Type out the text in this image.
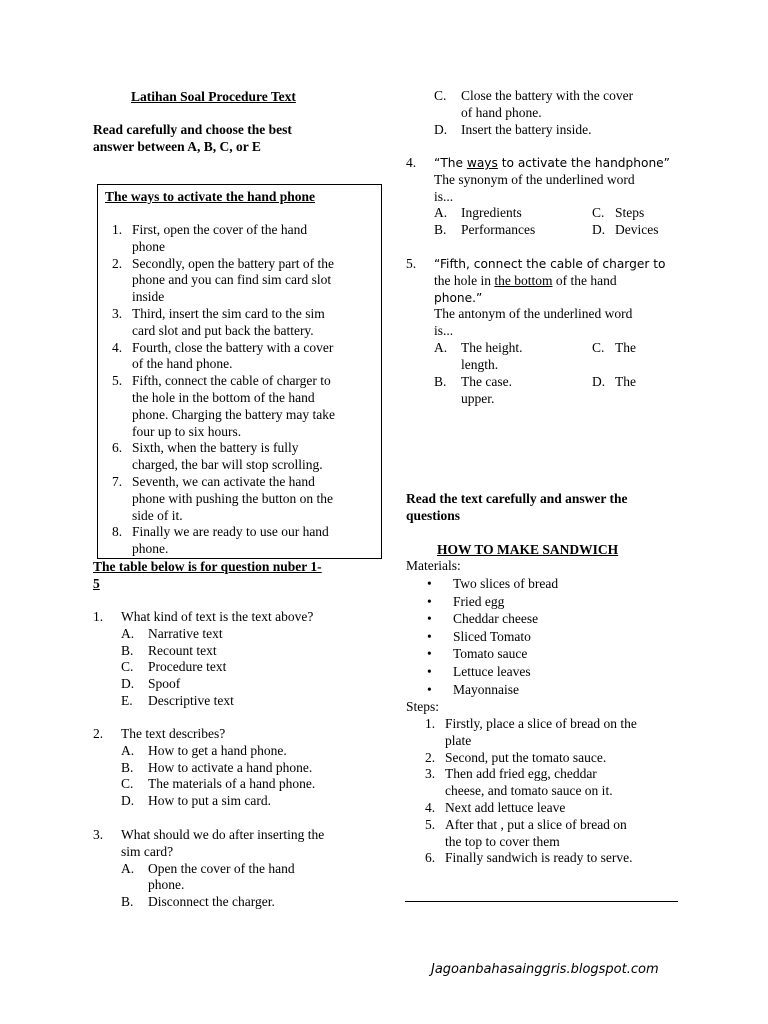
Latihan Soal Procedure Text
Read carefully and choose the best
answer between A, B, C, or E
The ways to activate the hand phone
1. First, open the cover of the hand
phone
2. Secondly, open the battery part of the
phone and you can find sim card slot
inside
3. Third, insert the sim card to the sim
card slot and put back the battery.
4. Fourth, close the battery with a cover
of the hand phone.
5. Fifth, connect the cable of charger to
the hole in the bottom of the hand
phone. Charging the battery may take
four up to six hours.
6. Sixth, when the battery is fully
charged, the bar will stop scrolling.
7. Seventh, we can activate the hand
phone with pushing the button on the
side of it.
8. Finally we are ready to use our hand
phone.
The table below is for question nuber 1-
5
1. What kind of text is the text above?
A. Narrative text
B. Recount text
C. Procedure text
D. Spoof
E. Descriptive text
2. The text describes?
A. How to get a hand phone.
B. How to activate a hand phone.
C. The materials of a hand phone.
D. How to put a sim card.
3. What should we do after inserting the
sim card?
A. Open the cover of the hand
phone.
B. Disconnect the charger.
C. Close the battery with the cover
of hand phone.
D. Insert the battery inside.
4. “The ways to activate the handphone”
The synonym of the underlined word
is...
A. Ingredients	C. Steps
B. Performances	D. Devices
5. “Fifth, connect the cable of charger to
the hole in the bottom of the hand
phone.”
The antonym of the underlined word
is...
A. The height.
length.
C. The
B. The case.
upper.
D. The
Read the text carefully and answer the
questions
HOW TO MAKE SANDWICH
Materials:
• Two slices of bread
• Fried egg
• Cheddar cheese
• Sliced Tomato
• Tomato sauce
• Lettuce leaves
• Mayonnaise
Steps:
1. Firstly, place a slice of bread on the
plate
2. Second, put the tomato sauce.
3. Then add fried egg, cheddar
cheese, and tomato sauce on it.
4. Next add lettuce leave
5. After that , put a slice of bread on
the top to cover them
6. Finally sandwich is ready to serve.
Jagoanbahasainggris.blogspot.com
